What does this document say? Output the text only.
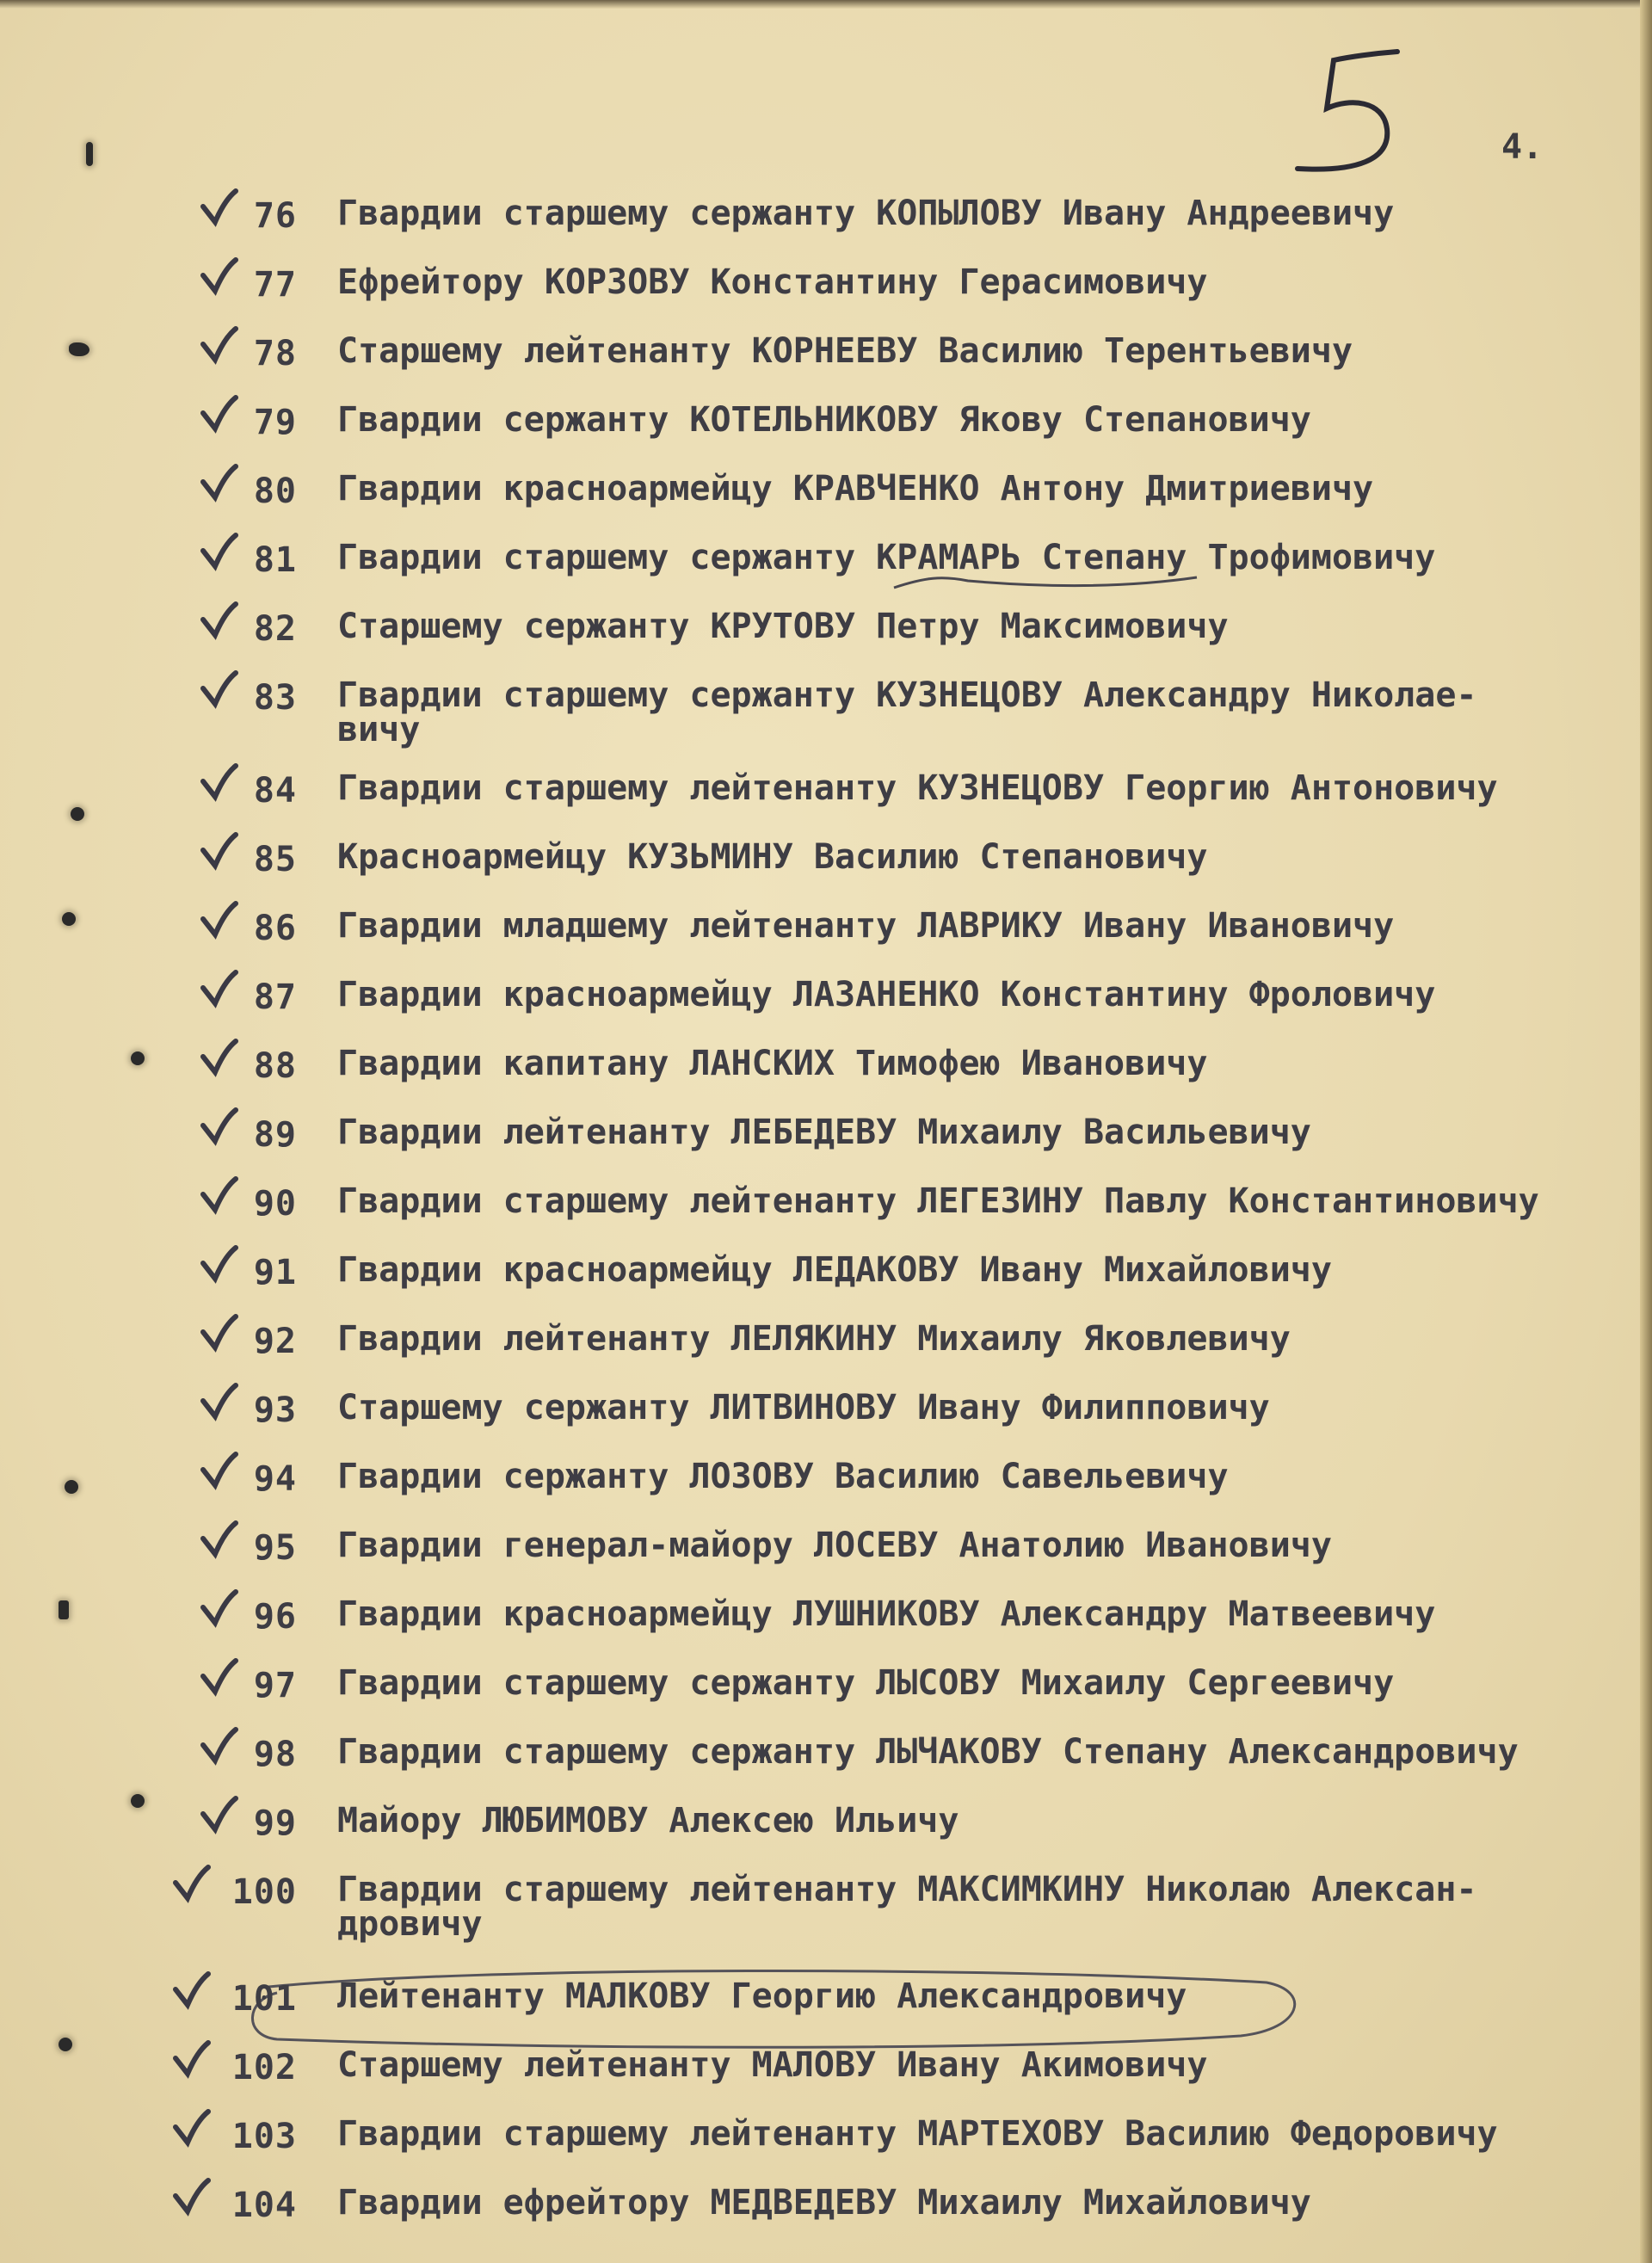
4.
76 Гвардии старшему сержанту КОПЫЛОВУ Ивану Андреевичу
77 Ефрейтору КОРЗОВУ Константину Герасимовичу
78 Старшему лейтенанту КОРНЕЕВУ Василию Терентьевичу
79 Гвардии сержанту КОТЕЛЬНИКОВУ Якову Степановичу
80 Гвардии красноармейцу КРАВЧЕНКО Антону Дмитриевичу
81 Гвардии старшему сержанту КРАМАРЬ Степану Трофимовичу
82 Старшему сержанту КРУТОВУ Петру Максимовичу
83 Гвардии старшему сержанту КУЗНЕЦОВУ Александру Николае-
вичу
84 Гвардии старшему лейтенанту КУЗНЕЦОВУ Георгию Антоновичу
85 Красноармейцу КУЗЬМИНУ Василию Степановичу
86 Гвардии младшему лейтенанту ЛАВРИКУ Ивану Ивановичу
87 Гвардии красноармейцу ЛАЗАНЕНКО Константину Фроловичу
88 Гвардии капитану ЛАНСКИХ Тимофею Ивановичу
89 Гвардии лейтенанту ЛЕБЕДЕВУ Михаилу Васильевичу
90 Гвардии старшему лейтенанту ЛЕГЕЗИНУ Павлу Константиновичу
91 Гвардии красноармейцу ЛЕДАКОВУ Ивану Михайловичу
92 Гвардии лейтенанту ЛЕЛЯКИНУ Михаилу Яковлевичу
93 Старшему сержанту ЛИТВИНОВУ Ивану Филипповичу
94 Гвардии сержанту ЛОЗОВУ Василию Савельевичу
95 Гвардии генерал-майору ЛОСЕВУ Анатолию Ивановичу
96 Гвардии красноармейцу ЛУШНИКОВУ Александру Матвеевичу
97 Гвардии старшему сержанту ЛЫСОВУ Михаилу Сергеевичу
98 Гвардии старшему сержанту ЛЫЧАКОВУ Степану Александровичу
99 Майору ЛЮБИМОВУ Алексею Ильичу
100 Гвардии старшему лейтенанту МАКСИМКИНУ Николаю Алексан-
дровичу
101 Лейтенанту МАЛКОВУ Георгию Александровичу
102 Старшему лейтенанту МАЛОВУ Ивану Акимовичу
103 Гвардии старшему лейтенанту МАРТЕХОВУ Василию Федоровичу
104 Гвардии ефрейтору МЕДВЕДЕВУ Михаилу Михайловичу
